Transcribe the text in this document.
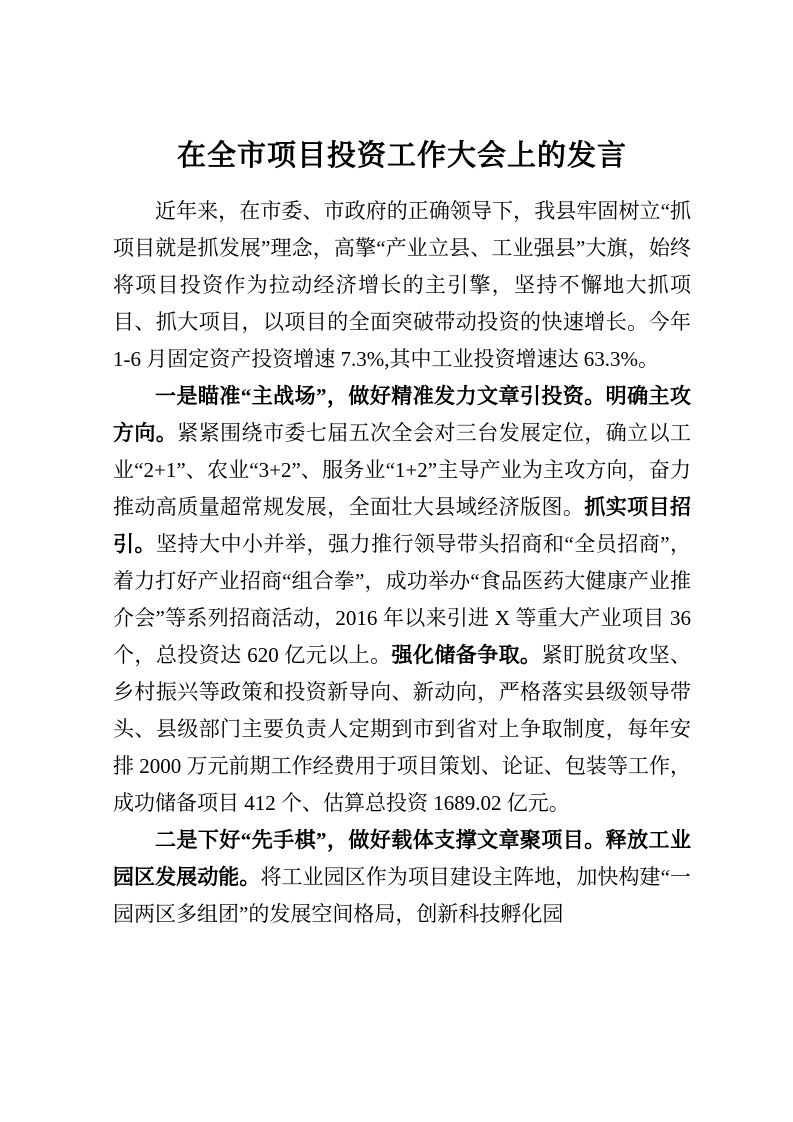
在全市项目投资工作大会上的发言

近年来，在市委、市政府的正确领导下，我县牢固树立“抓项目就是抓发展”理念，高擎“产业立县、工业强县”大旗，始终将项目投资作为拉动经济增长的主引擎，坚持不懈地大抓项目、抓大项目，以项目的全面突破带动投资的快速增长。今年 1-6 月固定资产投资增速 7.3%,其中工业投资增速达 63.3%。

一是瞄准“主战场”，做好精准发力文章引投资。明确主攻方向。紧紧围绕市委七届五次全会对三台发展定位，确立以工业“2+1”、农业“3+2”、服务业“1+2”主导产业为主攻方向，奋力推动高质量超常规发展，全面壮大县域经济版图。抓实项目招引。坚持大中小并举，强力推行领导带头招商和“全员招商”，着力打好产业招商“组合拳”，成功举办“食品医药大健康产业推介会”等系列招商活动，2016 年以来引进 X 等重大产业项目 36 个，总投资达 620 亿元以上。强化储备争取。紧盯脱贫攻坚、乡村振兴等政策和投资新导向、新动向，严格落实县级领导带头、县级部门主要负责人定期到市到省对上争取制度，每年安排 2000 万元前期工作经费用于项目策划、论证、包装等工作，成功储备项目 412 个、估算总投资 1689.02 亿元。

二是下好“先手棋”，做好载体支撑文章聚项目。释放工业园区发展动能。将工业园区作为项目建设主阵地，加快构建“一园两区多组团”的发展空间格局，创新科技孵化园
